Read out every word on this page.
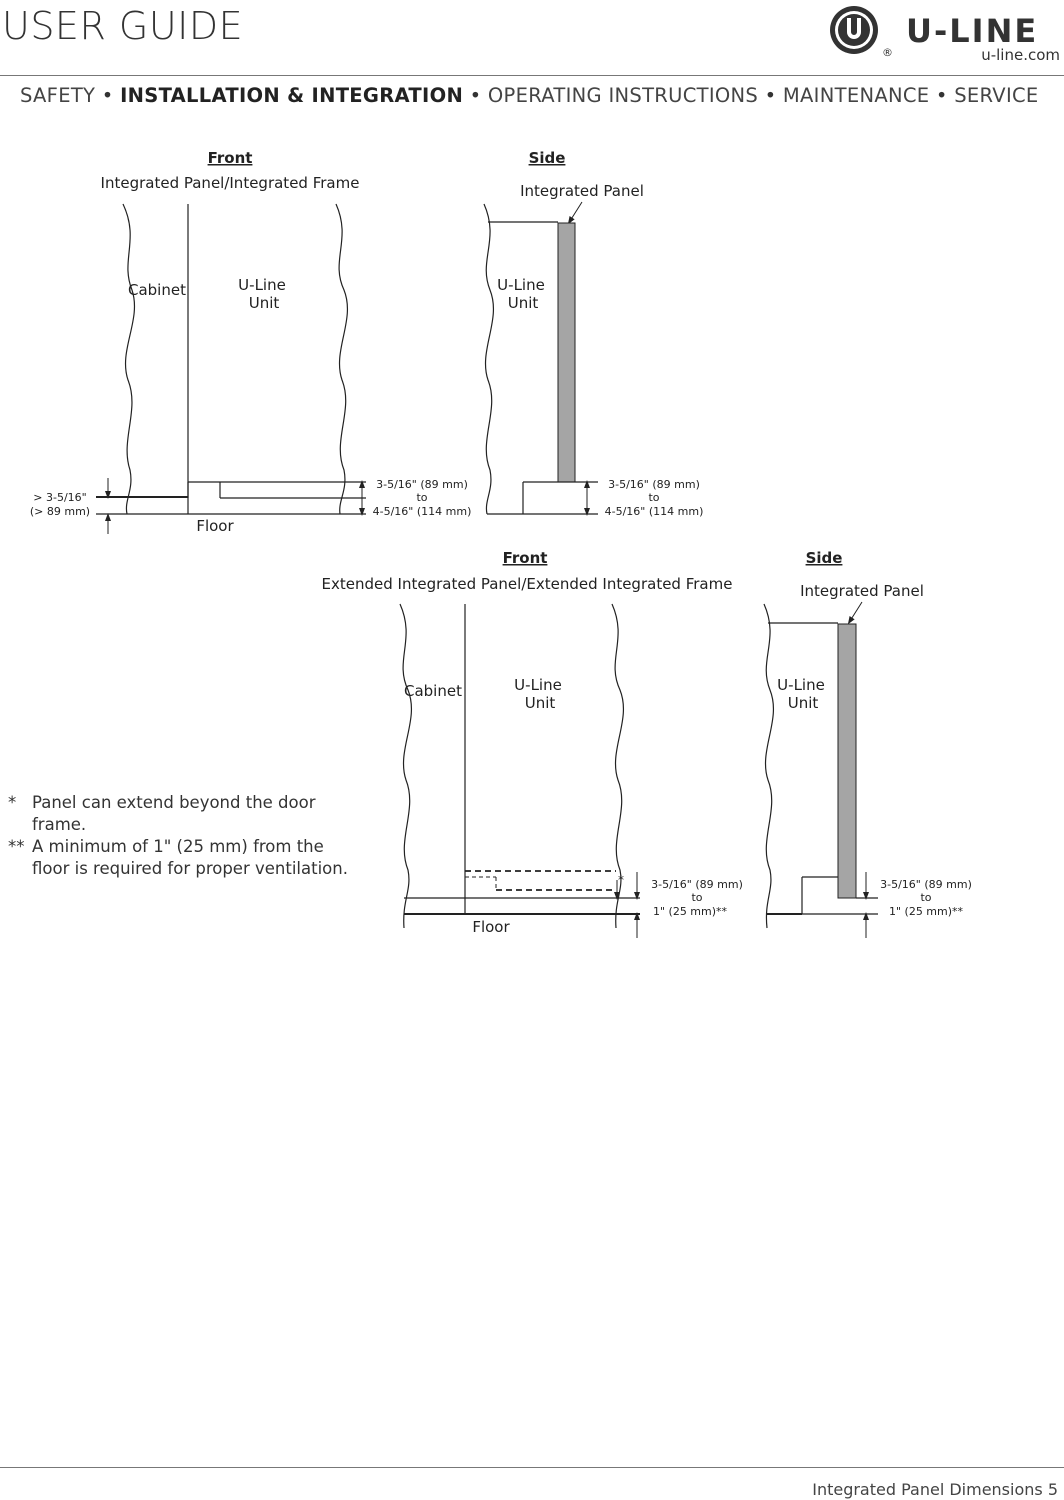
USER GUIDE
®
U-LINE
u-line.com
SAFETY • INSTALLATION & INTEGRATION • OPERATING INSTRUCTIONS • MAINTENANCE • SERVICE
Front
Integrated Panel/Integrated Frame
Cabinet	U-Line
Unit
Floor
> 3-5/16"
(> 89 mm)
3-5/16" (89 mm)
to
4-5/16" (114 mm)
Side
Integrated Panel
U-Line
Unit
3-5/16" (89 mm)
to
4-5/16" (114 mm)
Front
Extended Integrated Panel/Extended Integrated Frame
Cabinet	U-Line
Unit
Floor
* 3-5/16" (89 mm)
to
1" (25 mm)**
Side
Integrated Panel
U-Line
Unit
3-5/16" (89 mm)
to
1" (25 mm)**
* Panel can extend beyond the door frame.
** A minimum of 1" (25 mm) from the floor is required for proper ventilation.
Integrated Panel Dimensions 5
